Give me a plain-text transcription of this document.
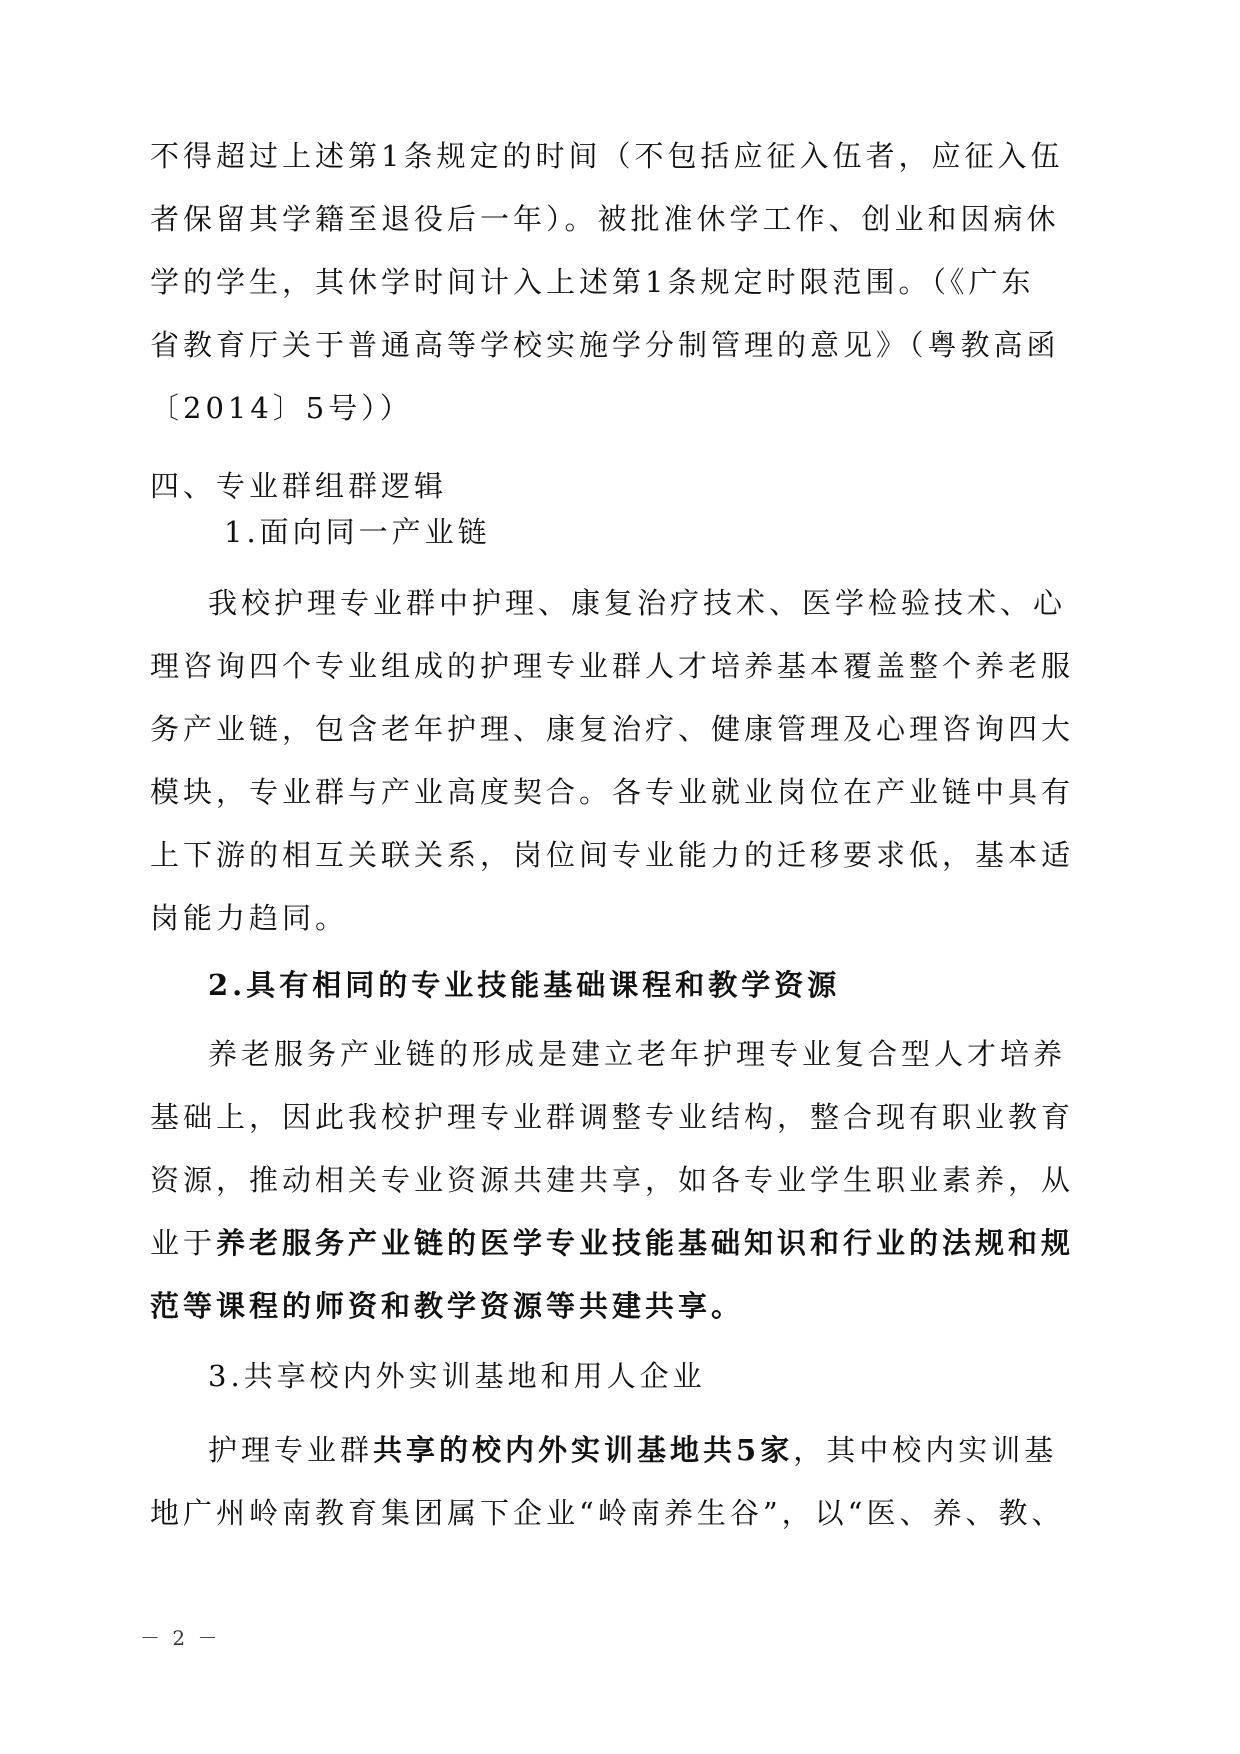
不得超过上述第1条规定的时间（不包括应征入伍者，应征入伍
者保留其学籍至退役后一年）。被批准休学工作、创业和因病休
学的学生，其休学时间计入上述第1条规定时限范围。（《广东
省教育厅关于普通高等学校实施学分制管理的意见》（粤教高函
〔2014〕5号））
四、专业群组群逻辑
1.面向同一产业链
我校护理专业群中护理、康复治疗技术、医学检验技术、心
理咨询四个专业组成的护理专业群人才培养基本覆盖整个养老服
务产业链，包含老年护理、康复治疗、健康管理及心理咨询四大
模块，专业群与产业高度契合。各专业就业岗位在产业链中具有
上下游的相互关联关系，岗位间专业能力的迁移要求低，基本适
岗能力趋同。
2.具有相同的专业技能基础课程和教学资源
养老服务产业链的形成是建立老年护理专业复合型人才培养
基础上，因此我校护理专业群调整专业结构，整合现有职业教育
资源，推动相关专业资源共建共享，如各专业学生职业素养，从
业于养老服务产业链的医学专业技能基础知识和行业的法规和规
范等课程的师资和教学资源等共建共享。
3.共享校内外实训基地和用人企业
护理专业群共享的校内外实训基地共5家，其中校内实训基
地广州岭南教育集团属下企业“岭南养生谷”，以“医、养、教、
－ 2 －
